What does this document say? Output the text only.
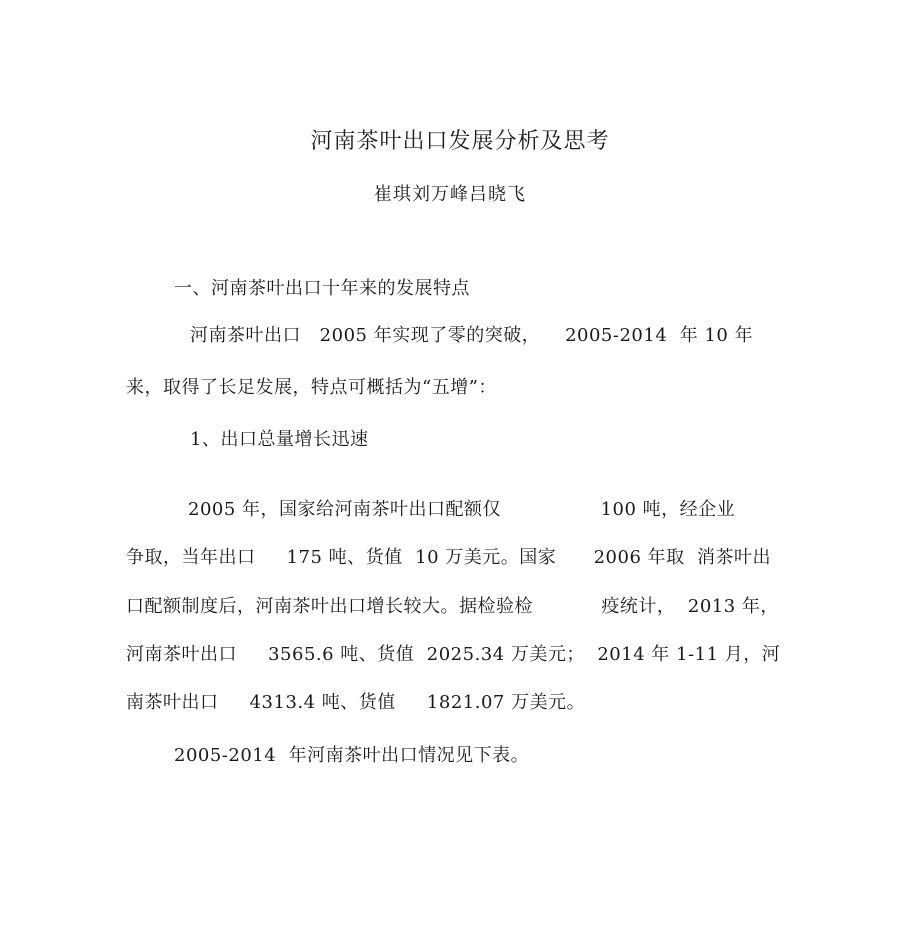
河南茶叶出口发展分析及思考
崔琪刘万峰吕晓飞
一、河南茶叶出口十年来的发展特点
河南茶叶出口   2005 年实现了零的突破，    2005-2014  年 10 年
来，取得了长足发展，特点可概括为“五增”：
1、出口总量增长迅速
2005 年，国家给河南茶叶出口配额仅                100 吨，经企业
争取，当年出口     175 吨、货值  10 万美元。国家      2006 年取  消茶叶出
口配额制度后，河南茶叶出口增长较大。据检验检           疫统计，  2013 年，
河南茶叶出口     3565.6 吨、货值  2025.34 万美元；  2014 年 1-11 月，河
南茶叶出口     4313.4 吨、货值     1821.07 万美元。
2005-2014  年河南茶叶出口情况见下表。
